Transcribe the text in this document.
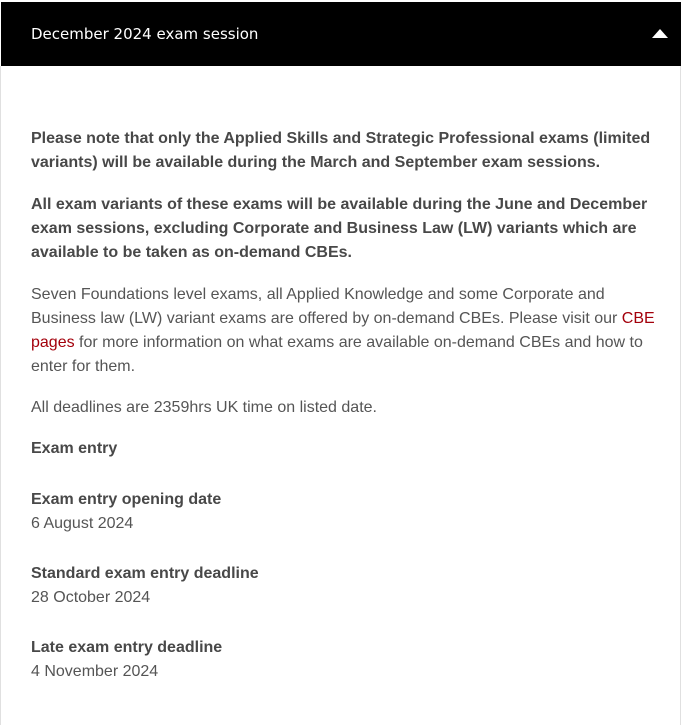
December 2024 exam session

Please note that only the Applied Skills and Strategic Professional exams (limited variants) will be available during the March and September exam sessions.

All exam variants of these exams will be available during the June and December exam sessions, excluding Corporate and Business Law (LW) variants which are available to be taken as on-demand CBEs.

Seven Foundations level exams, all Applied Knowledge and some Corporate and Business law (LW) variant exams are offered by on-demand CBEs. Please visit our CBE pages for more information on what exams are available on-demand CBEs and how to enter for them.

All deadlines are 2359hrs UK time on listed date.

Exam entry
Exam entry opening date
6 August 2024
Standard exam entry deadline
28 October 2024
Late exam entry deadline
4 November 2024
